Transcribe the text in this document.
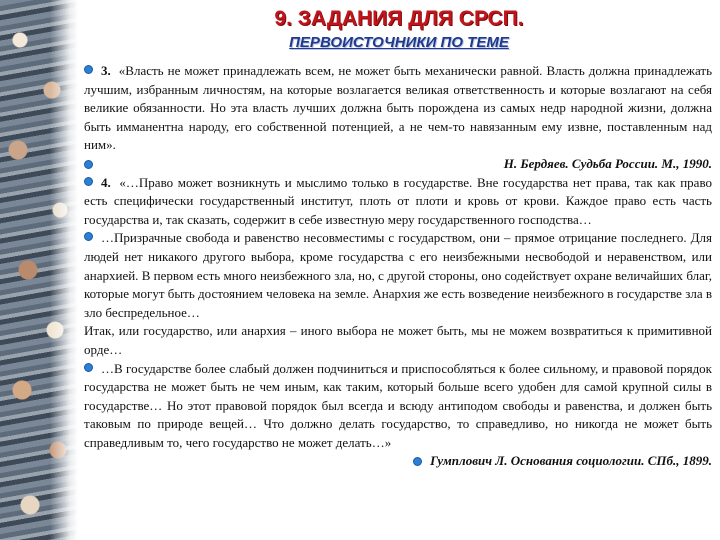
9. ЗАДАНИЯ ДЛЯ СРСП.
ПЕРВОИСТОЧНИКИ ПО ТЕМЕ

3. «Власть не может принадлежать всем, не может быть механически равной. Власть должна принадлежать лучшим, избранным личностям, на которые возлагается великая ответственность и которые возлагают на себя великие обязанности. Но эта власть лучших должна быть порождена из самых недр народной жизни, должна быть имманентна народу, его собственной потенцией, а не чем-то навязанным ему извне, поставленным над ним».

Н. Бердяев. Судьба России. М., 1990.

4. «…Право может возникнуть и мыслимо только в государстве. Вне государства нет права, так как право есть специфически государственный институт, плоть от плоти и кровь от крови. Каждое право есть часть государства и, так сказать, содержит в себе известную меру государственного господства…

…Призрачные свобода и равенство несовместимы с государством, они – прямое отрицание последнего. Для людей нет никакого другого выбора, кроме государства с его неизбежными несвободой и неравенством, или анархией. В первом есть много неизбежного зла, но, с другой стороны, оно содействует охране величайших благ, которые могут быть достоянием человека на земле. Анархия же есть возведение неизбежного в государстве зла в зло беспредельное…

Итак, или государство, или анархия – иного выбора не может быть, мы не можем возвратиться к примитивной орде…

…В государстве более слабый должен подчиниться и приспособляться к более сильному, и правовой порядок государства не может быть не чем иным, как таким, который больше всего удобен для самой крупной силы в государстве… Но этот правовой порядок был всегда и всюду антиподом свободы и равенства, и должен быть таковым по природе вещей… Что должно делать государство, то справедливо, но никогда не может быть справедливым то, чего государство не может делать…»

Гумплович Л. Основания социологии. СПб., 1899.
